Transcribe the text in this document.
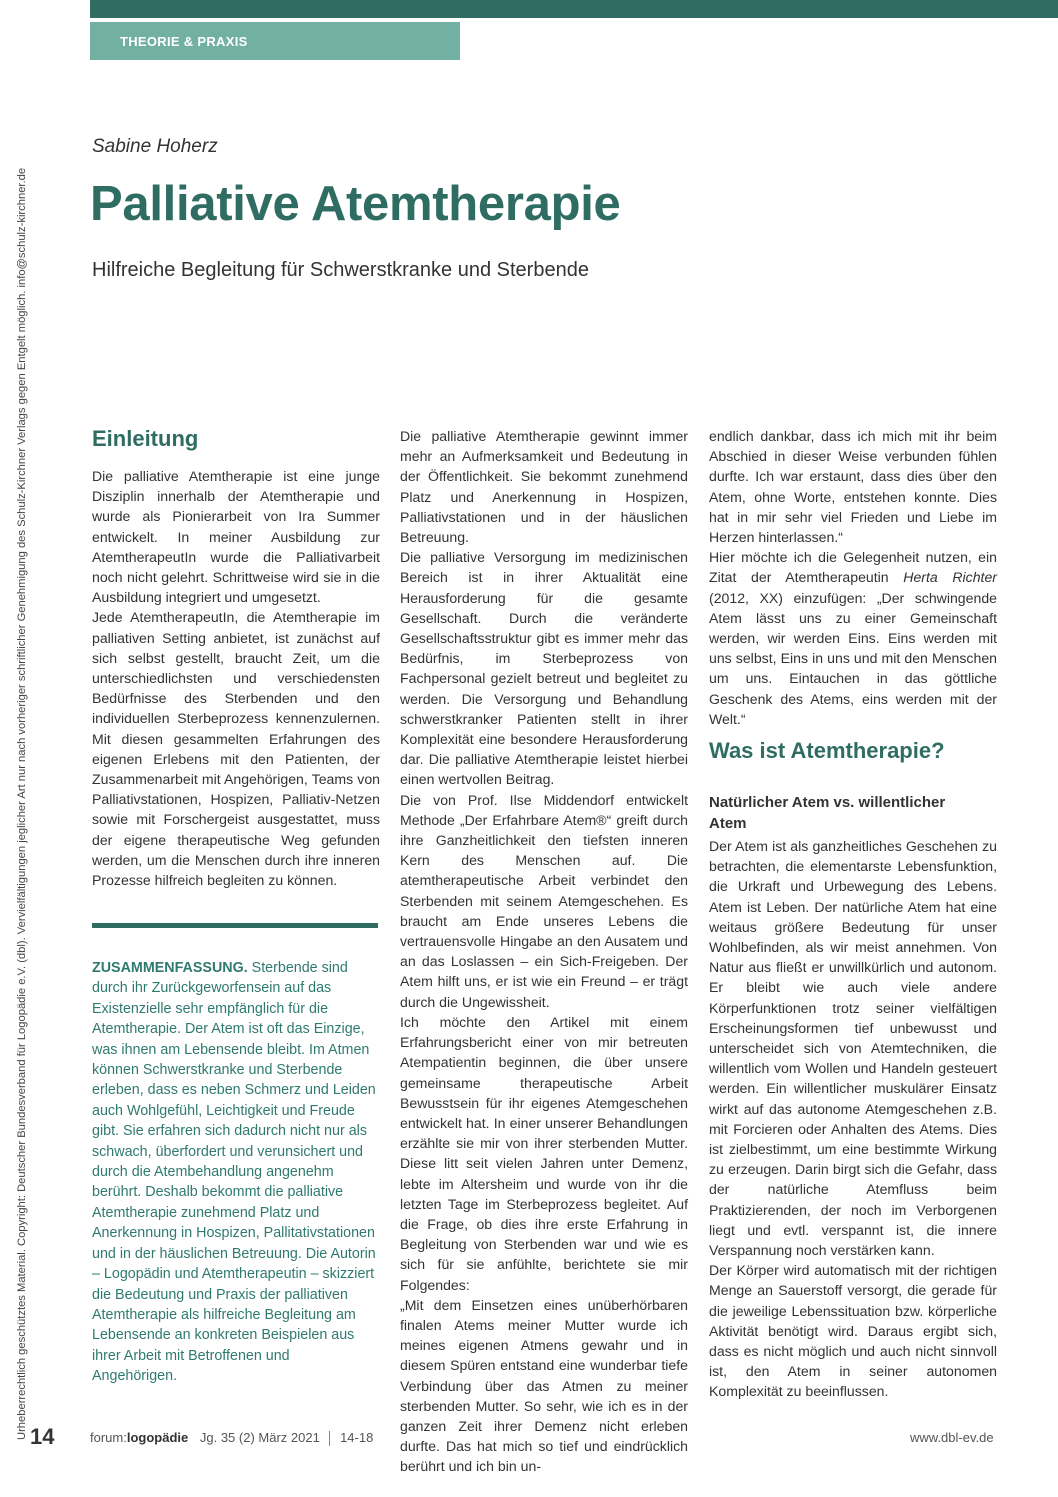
THEORIE & PRAXIS
Urheberrechtlich geschütztes Material. Copyright: Deutscher Bundesverband für Logopädie e.V. (dbl). Vervielfältigungen jeglicher Art nur nach vorheriger schriftlicher Genehmigung des Schulz-Kirchner Verlags gegen Entgelt möglich. info@schulz-kirchner.de
Sabine Hoherz
Palliative Atemtherapie
Hilfreiche Begleitung für Schwerstkranke und Sterbende
Einleitung

Die palliative Atemtherapie ist eine junge Disziplin innerhalb der Atemtherapie und wurde als Pionierarbeit von Ira Summer entwickelt. In meiner Ausbildung zur AtemtherapeutIn wurde die Palliativarbeit noch nicht gelehrt. Schrittweise wird sie in die Ausbildung integriert und umgesetzt.

Jede AtemtherapeutIn, die Atemtherapie im palliativen Setting anbietet, ist zunächst auf sich selbst gestellt, braucht Zeit, um die unterschiedlichsten und verschiedensten Bedürfnisse des Sterbenden und den individuellen Sterbeprozess kennenzulernen. Mit diesen gesammelten Erfahrungen des eigenen Erlebens mit den Patienten, der Zusammenarbeit mit Angehörigen, Teams von Palliativstationen, Hospizen, Palliativ-Netzen sowie mit Forschergeist ausgestattet, muss der eigene therapeutische Weg gefunden werden, um die Menschen durch ihre inneren Prozesse hilfreich begleiten zu können.

ZUSAMMENFASSUNG. Sterbende sind durch ihr Zurückgeworfensein auf das Existenzielle sehr empfänglich für die Atemtherapie. Der Atem ist oft das Einzige, was ihnen am Lebensende bleibt. Im Atmen können Schwerstkranke und Sterbende erleben, dass es neben Schmerz und Leiden auch Wohlgefühl, Leichtigkeit und Freude gibt. Sie erfahren sich dadurch nicht nur als schwach, überfordert und verunsichert und durch die Atembehandlung angenehm berührt. Deshalb bekommt die palliative Atemtherapie zunehmend Platz und Anerkennung in Hospizen, Pallitativstationen und in der häuslichen Betreuung. Die Autorin – Logopädin und Atemtherapeutin – skizziert die Bedeutung und Praxis der palliativen Atemtherapie als hilfreiche Begleitung am Lebensende an konkreten Beispielen aus ihrer Arbeit mit Betroffenen und Angehörigen.

Die palliative Atemtherapie gewinnt immer mehr an Aufmerksamkeit und Bedeutung in der Öffentlichkeit. Sie bekommt zunehmend Platz und Anerkennung in Hospizen, Palliativstationen und in der häuslichen Betreuung.

Die palliative Versorgung im medizinischen Bereich ist in ihrer Aktualität eine Herausforderung für die gesamte Gesellschaft. Durch die veränderte Gesellschaftsstruktur gibt es immer mehr das Bedürfnis, im Sterbeprozess von Fachpersonal gezielt betreut und begleitet zu werden. Die Versorgung und Behandlung schwerstkranker Patienten stellt in ihrer Komplexität eine besondere Herausforderung dar. Die palliative Atemtherapie leistet hierbei einen wertvollen Beitrag.

Die von Prof. Ilse Middendorf entwickelt Methode „Der Erfahrbare Atem®“ greift durch ihre Ganzheitlichkeit den tiefsten inneren Kern des Menschen auf. Die atemtherapeutische Arbeit verbindet den Sterbenden mit seinem Atemgeschehen. Es braucht am Ende unseres Lebens die vertrauensvolle Hingabe an den Ausatem und an das Loslassen – ein Sich-Freigeben. Der Atem hilft uns, er ist wie ein Freund – er trägt durch die Ungewissheit.

Ich möchte den Artikel mit einem Erfahrungsbericht einer von mir betreuten Atempatientin beginnen, die über unsere gemeinsame therapeutische Arbeit Bewusstsein für ihr eigenes Atemgeschehen entwickelt hat. In einer unserer Behandlungen erzählte sie mir von ihrer sterbenden Mutter. Diese litt seit vielen Jahren unter Demenz, lebte im Altersheim und wurde von ihr die letzten Tage im Sterbeprozess begleitet. Auf die Frage, ob dies ihre erste Erfahrung in Begleitung von Sterbenden war und wie es sich für sie anfühlte, berichtete sie mir Folgendes:

„Mit dem Einsetzen eines unüberhörbaren finalen Atems meiner Mutter wurde ich meines eigenen Atmens gewahr und in diesem Spüren entstand eine wunderbar tiefe Verbindung über das Atmen zu meiner sterbenden Mutter. So sehr, wie ich es in der ganzen Zeit ihrer Demenz nicht erleben durfte. Das hat mich so tief und eindrücklich berührt und ich bin un-

endlich dankbar, dass ich mich mit ihr beim Abschied in dieser Weise verbunden fühlen durfte. Ich war erstaunt, dass dies über den Atem, ohne Worte, entstehen konnte. Dies hat in mir sehr viel Frieden und Liebe im Herzen hinterlassen.“

Hier möchte ich die Gelegenheit nutzen, ein Zitat der Atemtherapeutin Herta Richter (2012, XX) einzufügen: „Der schwingende Atem lässt uns zu einer Gemeinschaft werden, wir werden Eins. Eins werden mit uns selbst, Eins in uns und mit den Menschen um uns. Eintauchen in das göttliche Geschenk des Atems, eins werden mit der Welt.“

Was ist Atemtherapie?
Natürlicher Atem vs. willentlicher Atem

Der Atem ist als ganzheitliches Geschehen zu betrachten, die elementarste Lebensfunktion, die Urkraft und Urbewegung des Lebens. Atem ist Leben. Der natürliche Atem hat eine weitaus größere Bedeutung für unser Wohlbefinden, als wir meist annehmen. Von Natur aus fließt er unwillkürlich und autonom. Er bleibt wie auch viele andere Körperfunktionen trotz seiner vielfältigen Erscheinungsformen tief unbewusst und unterscheidet sich von Atemtechniken, die willentlich vom Wollen und Handeln gesteuert werden. Ein willentlicher muskulärer Einsatz wirkt auf das autonome Atemgeschehen z.B. mit Forcieren oder Anhalten des Atems. Dies ist zielbestimmt, um eine bestimmte Wirkung zu erzeugen. Darin birgt sich die Gefahr, dass der natürliche Atemfluss beim Praktizierenden, der noch im Verborgenen liegt und evtl. verspannt ist, die innere Verspannung noch verstärken kann.

Der Körper wird automatisch mit der richtigen Menge an Sauerstoff versorgt, die gerade für die jeweilige Lebenssituation bzw. körperliche Aktivität benötigt wird. Daraus ergibt sich, dass es nicht möglich und auch nicht sinnvoll ist, den Atem in seiner autonomen Komplexität zu beeinflussen.

14	forum:logopädie Jg. 35 (2) März 2021 14-18	www.dbl-ev.de
